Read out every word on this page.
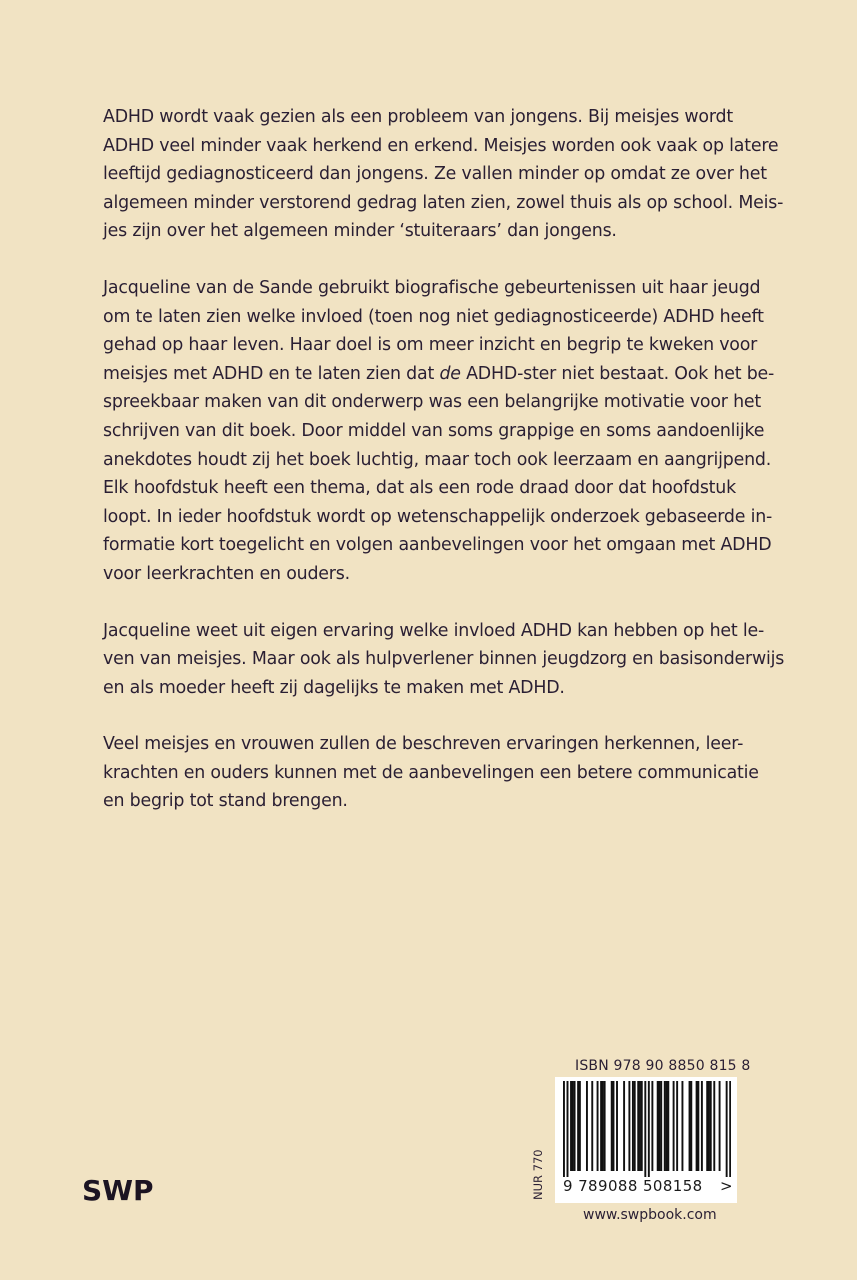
ADHD wordt vaak gezien als een probleem van jongens. Bij meisjes wordt
ADHD veel minder vaak herkend en erkend. Meisjes worden ook vaak op latere
leeftijd gediagnosticeerd dan jongens. Ze vallen minder op omdat ze over het
algemeen minder verstorend gedrag laten zien, zowel thuis als op school. Meis-
jes zijn over het algemeen minder ‘stuiteraars’ dan jongens.

Jacqueline van de Sande gebruikt biografische gebeurtenissen uit haar jeugd
om te laten zien welke invloed (toen nog niet gediagnosticeerde) ADHD heeft
gehad op haar leven. Haar doel is om meer inzicht en begrip te kweken voor
meisjes met ADHD en te laten zien dat de ADHD-ster niet bestaat. Ook het be-
spreekbaar maken van dit onderwerp was een belangrijke motivatie voor het
schrijven van dit boek. Door middel van soms grappige en soms aandoenlijke
anekdotes houdt zij het boek luchtig, maar toch ook leerzaam en aangrijpend.
Elk hoofdstuk heeft een thema, dat als een rode draad door dat hoofdstuk
loopt. In ieder hoofdstuk wordt op wetenschappelijk onderzoek gebaseerde in-
formatie kort toegelicht en volgen aanbevelingen voor het omgaan met ADHD
voor leerkrachten en ouders.

Jacqueline weet uit eigen ervaring welke invloed ADHD kan hebben op het le-
ven van meisjes. Maar ook als hulpverlener binnen jeugdzorg en basisonderwijs
en als moeder heeft zij dagelijks te maken met ADHD.

Veel meisjes en vrouwen zullen de beschreven ervaringen herkennen, leer-
krachten en ouders kunnen met de aanbevelingen een betere communicatie
en begrip tot stand brengen.

ISBN 978 90 8850 815 8
9 789088 508158 >
NUR 770
www.swpbook.com
SWP
